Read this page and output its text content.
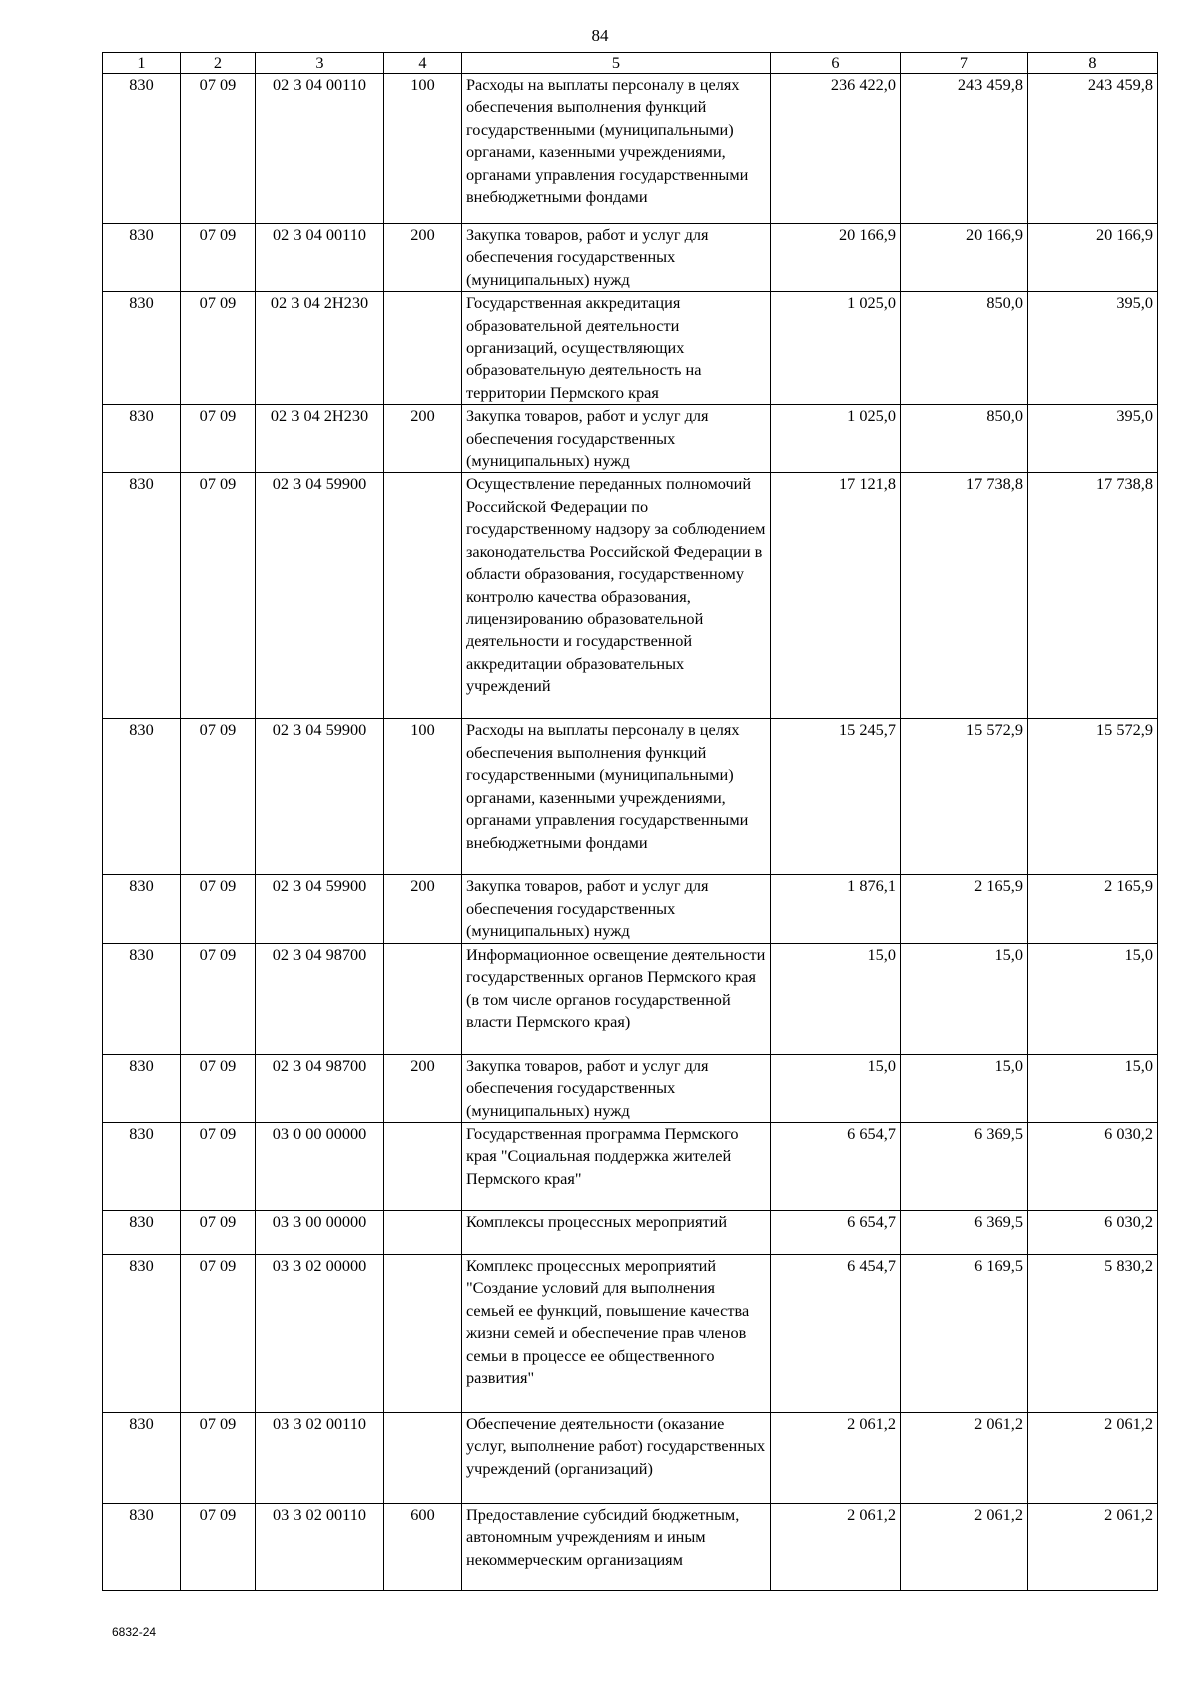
84
1	2	3	4	5	6	7	8
830	07 09	02 3 04 00110	100	Расходы на выплаты персоналу в целях обеспечения выполнения функций государственными (муниципальными) органами, казенными учреждениями, органами управления государственными внебюджетными фондами	236 422,0	243 459,8	243 459,8
830	07 09	02 3 04 00110	200	Закупка товаров, работ и услуг для обеспечения государственных (муниципальных) нужд	20 166,9	20 166,9	20 166,9
830	07 09	02 3 04 2Н230		Государственная аккредитация образовательной деятельности организаций, осуществляющих образовательную деятельность на территории Пермского края	1 025,0	850,0	395,0
830	07 09	02 3 04 2Н230	200	Закупка товаров, работ и услуг для обеспечения государственных (муниципальных) нужд	1 025,0	850,0	395,0
830	07 09	02 3 04 59900		Осуществление переданных полномочий Российской Федерации по государственному надзору за соблюдением законодательства Российской Федерации в области образования, государственному контролю качества образования, лицензированию образовательной деятельности и государственной аккредитации образовательных учреждений	17 121,8	17 738,8	17 738,8
830	07 09	02 3 04 59900	100	Расходы на выплаты персоналу в целях обеспечения выполнения функций государственными (муниципальными) органами, казенными учреждениями, органами управления государственными внебюджетными фондами	15 245,7	15 572,9	15 572,9
830	07 09	02 3 04 59900	200	Закупка товаров, работ и услуг для обеспечения государственных (муниципальных) нужд	1 876,1	2 165,9	2 165,9
830	07 09	02 3 04 98700		Информационное освещение деятельности государственных органов Пермского края (в том числе органов государственной власти Пермского края)	15,0	15,0	15,0
830	07 09	02 3 04 98700	200	Закупка товаров, работ и услуг для обеспечения государственных (муниципальных) нужд	15,0	15,0	15,0
830	07 09	03 0 00 00000		Государственная программа Пермского края "Социальная поддержка жителей Пермского края"	6 654,7	6 369,5	6 030,2
830	07 09	03 3 00 00000		Комплексы процессных мероприятий	6 654,7	6 369,5	6 030,2
830	07 09	03 3 02 00000		Комплекс процессных мероприятий "Создание условий для выполнения семьей ее функций, повышение качества жизни семей и обеспечение прав членов семьи в процессе ее общественного развития"	6 454,7	6 169,5	5 830,2
830	07 09	03 3 02 00110		Обеспечение деятельности (оказание услуг, выполнение работ) государственных учреждений (организаций)	2 061,2	2 061,2	2 061,2
830	07 09	03 3 02 00110	600	Предоставление субсидий бюджетным, автономным учреждениям и иным некоммерческим организациям	2 061,2	2 061,2	2 061,2
6832-24
